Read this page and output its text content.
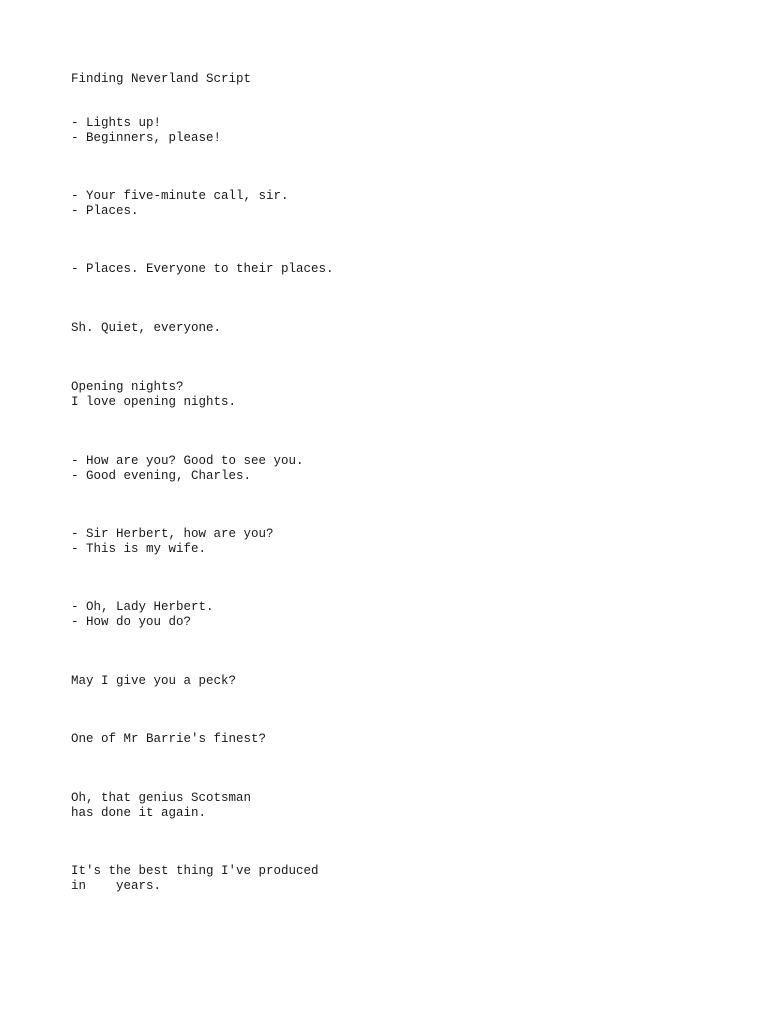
Finding Neverland Script

- Lights up!

- Beginners, please!

- Your five-minute call, sir.

- Places.

- Places. Everyone to their places.

Sh. Quiet, everyone.

Opening nights?

I love opening nights.

- How are you? Good to see you.

- Good evening, Charles.

- Sir Herbert, how are you?

- This is my wife.

- Oh, Lady Herbert.

- How do you do?

May I give you a peck?

One of Mr Barrie's finest?

Oh, that genius Scotsman

has done it again.

It's the best thing I've produced

in    years.
